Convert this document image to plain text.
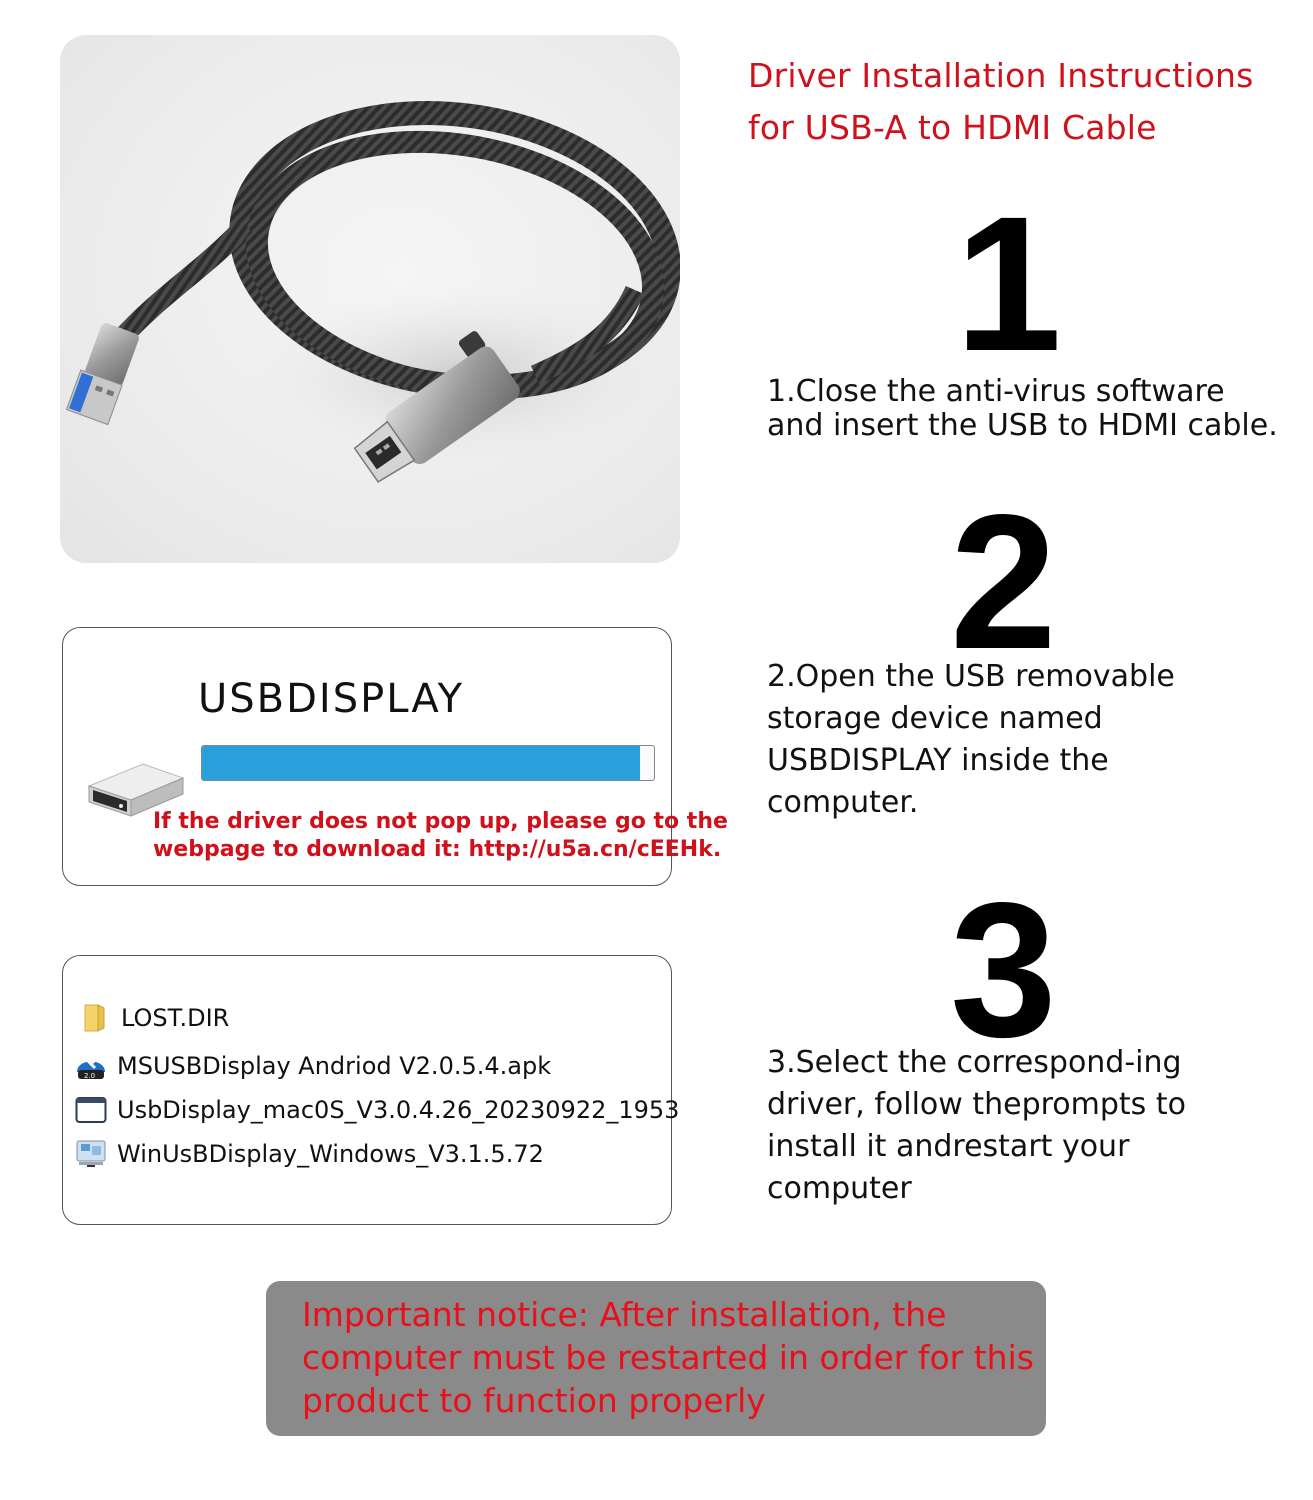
Driver Installation Instructions
for USB-A to HDMI Cable
1
2
3
1.Close the anti-virus software
and insert the USB to HDMI cable.
2.Open the USB removable
storage device named
USBDISPLAY inside the
computer.
3.Select the correspond-ing
driver, follow theprompts to
install it andrestart your
computer
USBDISPLAY
If the driver does not pop up, please go to the
webpage to download it: http://u5a.cn/cEEHk.
LOST.DIR
2.0 MSUSBDisplay Andriod V2.0.5.4.apk
UsbDisplay_mac0S_V3.0.4.26_20230922_1953
WinUsBDisplay_Windows_V3.1.5.72
Important notice: After installation, the
computer must be restarted in order for this
product to function properly
